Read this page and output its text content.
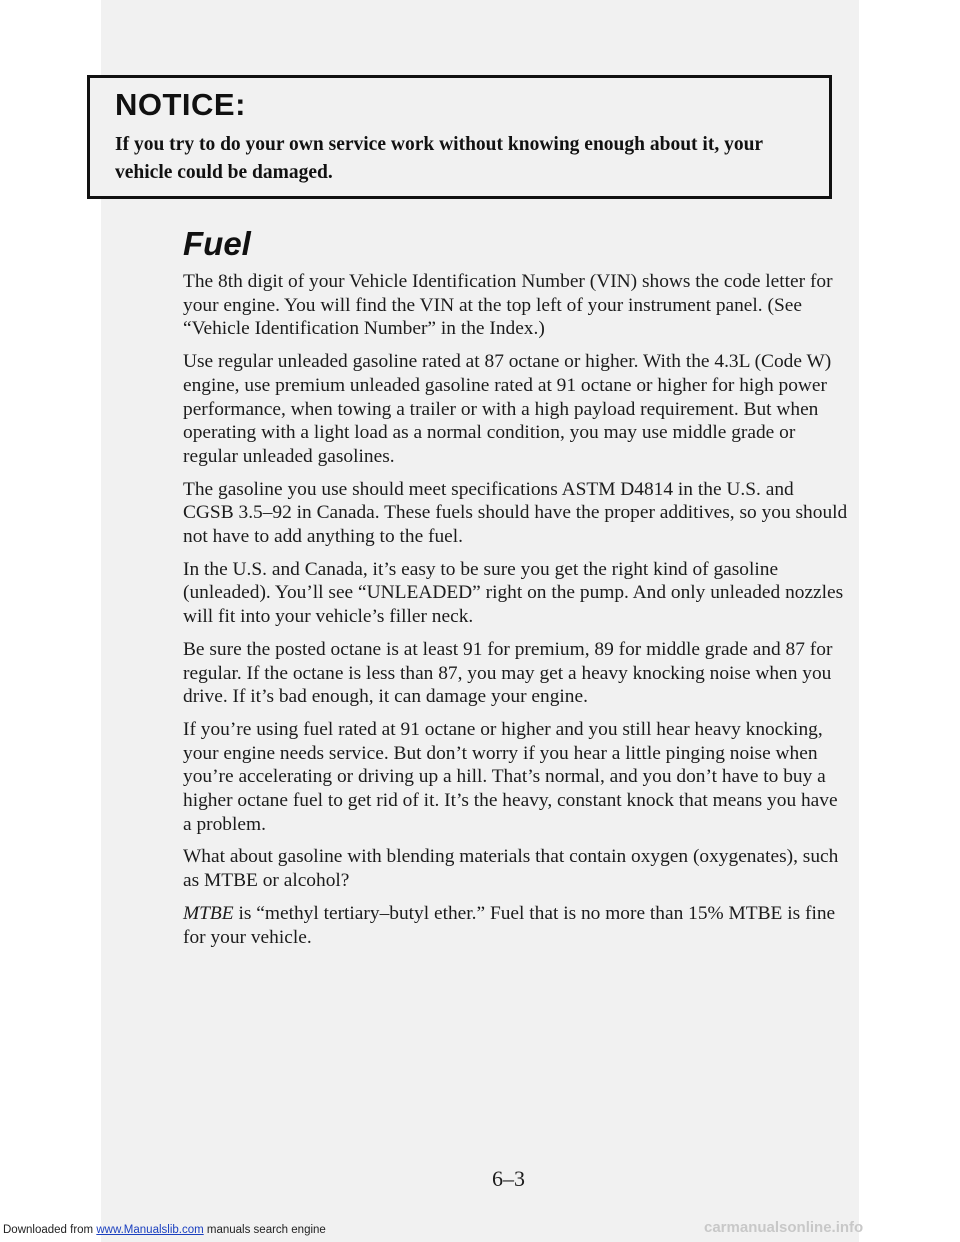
NOTICE:
If you try to do your own service work without knowing enough about it, your vehicle could be damaged.
Fuel

The 8th digit of your Vehicle Identification Number (VIN) shows the code letter for your engine. You will find the VIN at the top left of your instrument panel. (See “Vehicle Identification Number” in the Index.)

Use regular unleaded gasoline rated at 87 octane or higher. With the 4.3L (Code W) engine, use premium unleaded gasoline rated at 91 octane or higher for high power performance, when towing a trailer or with a high payload requirement. But when operating with a light load as a normal condition, you may use middle grade or regular unleaded gasolines.

The gasoline you use should meet specifications ASTM D4814 in the U.S. and CGSB 3.5–92 in Canada. These fuels should have the proper additives, so you should not have to add anything to the fuel.

In the U.S. and Canada, it’s easy to be sure you get the right kind of gasoline (unleaded). You’ll see “UNLEADED” right on the pump. And only unleaded nozzles will fit into your vehicle’s filler neck.

Be sure the posted octane is at least 91 for premium, 89 for middle grade and 87 for regular. If the octane is less than 87, you may get a heavy knocking noise when you drive. If it’s bad enough, it can damage your engine.

If you’re using fuel rated at 91 octane or higher and you still hear heavy knocking, your engine needs service. But don’t worry if you hear a little pinging noise when you’re accelerating or driving up a hill. That’s normal, and you don’t have to buy a higher octane fuel to get rid of it. It’s the heavy, constant knock that means you have a problem.

What about gasoline with blending materials that contain oxygen (oxygenates), such as MTBE or alcohol?

MTBE is “methyl tertiary–butyl ether.” Fuel that is no more than 15% MTBE is fine for your vehicle.

6–3
Downloaded from www.Manualslib.com manuals search engine	carmanualsonline.info
